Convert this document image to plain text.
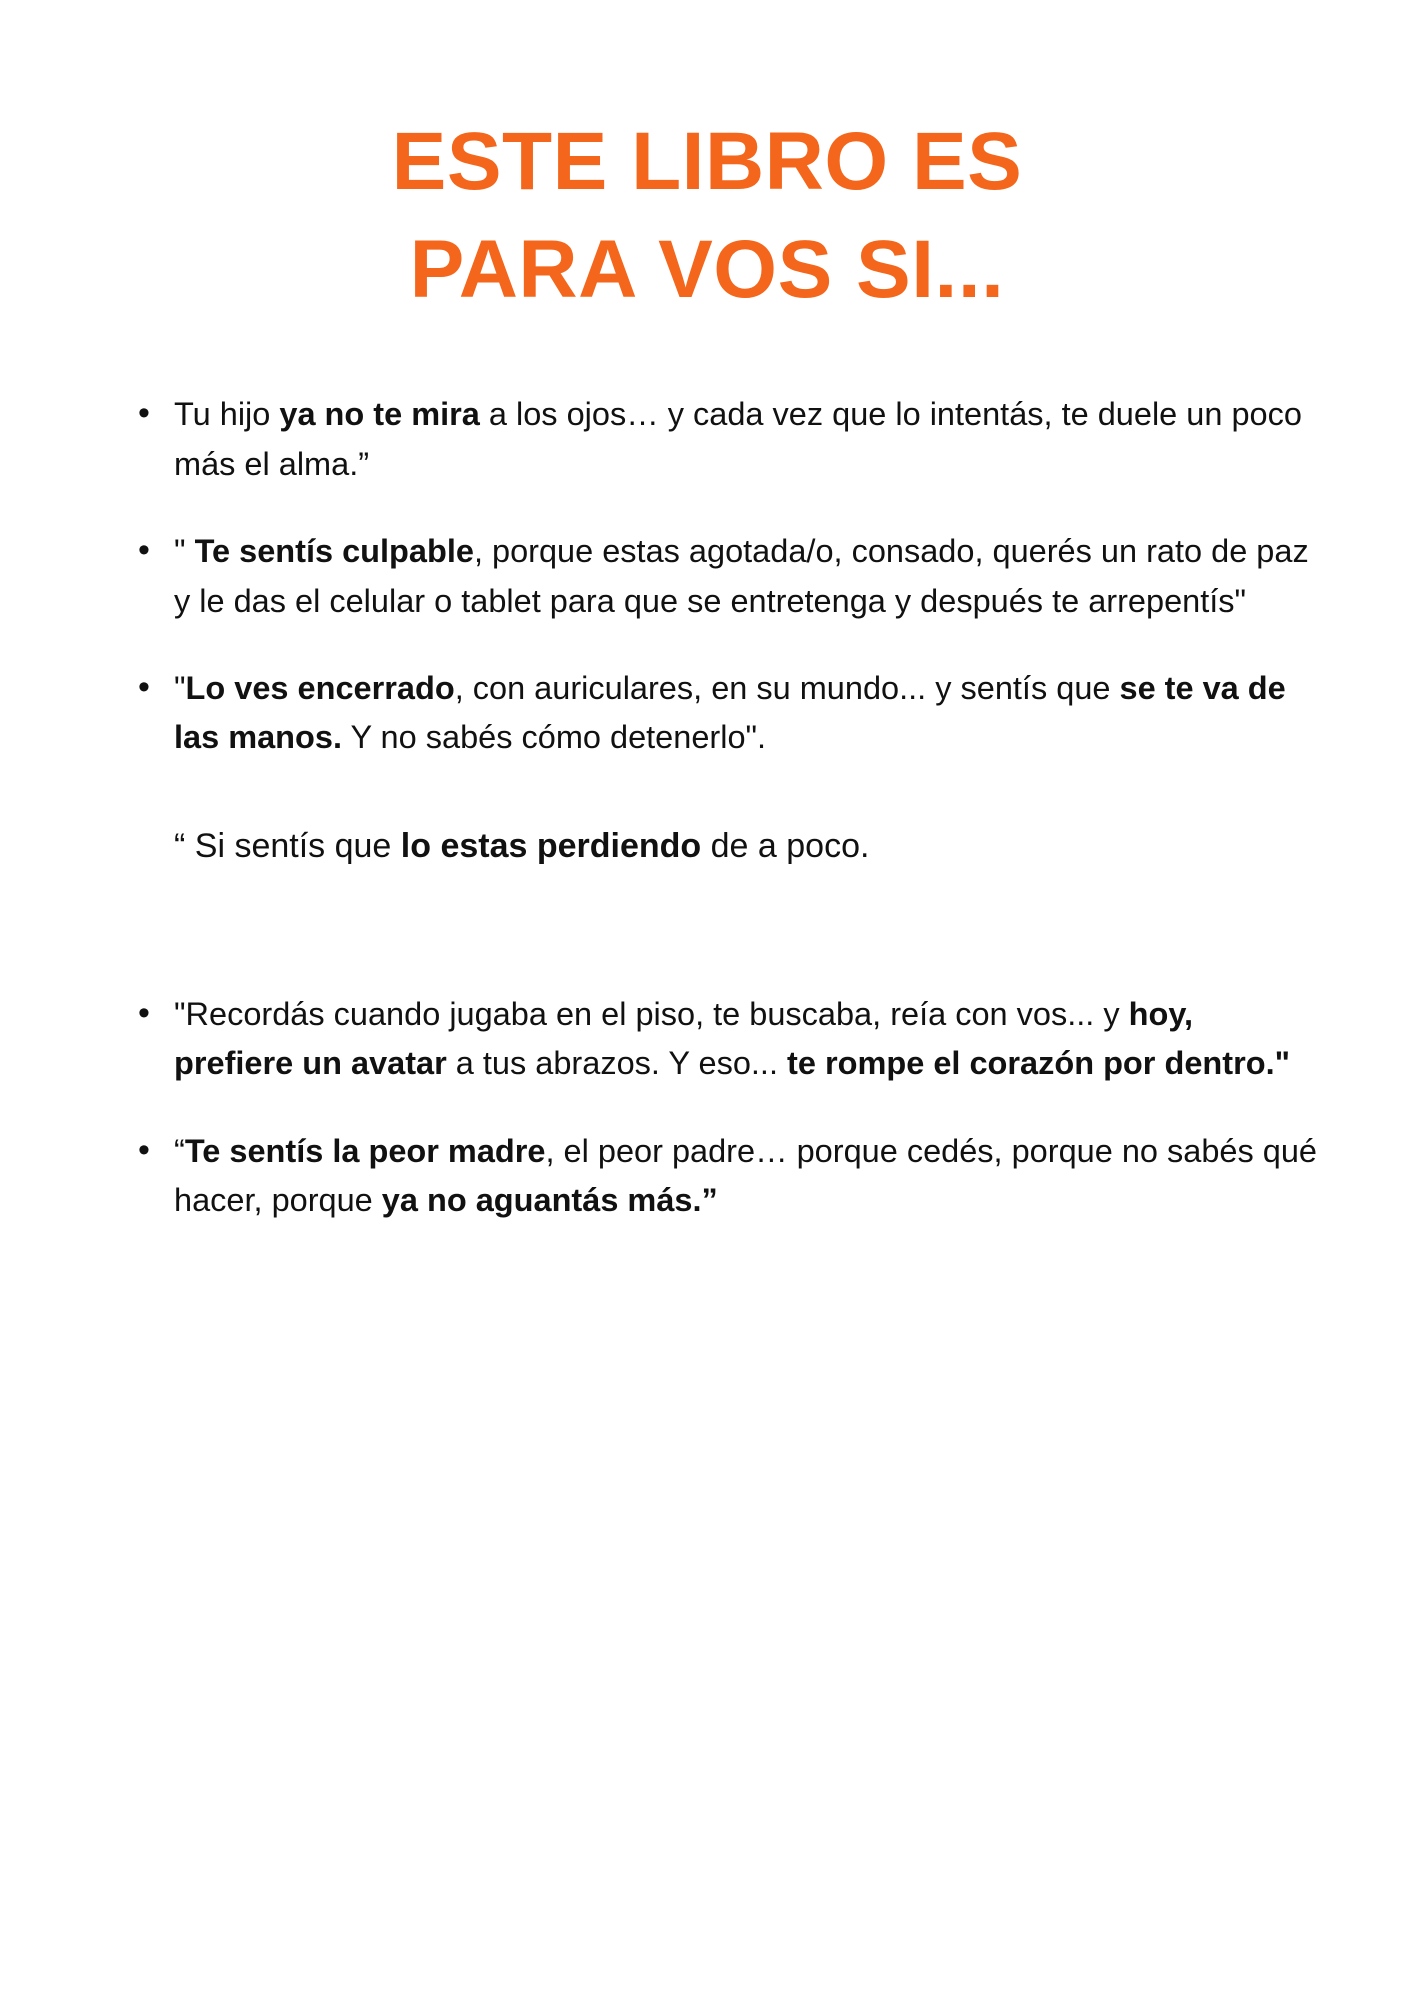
ESTE LIBRO ES
PARA VOS SI...
• Tu hijo ya no te mira a los ojos… y cada vez que lo intentás, te duele un poco más el alma.”
• " Te sentís culpable, porque estas agotada/o, consado, querés un rato de paz y le das el celular o tablet para que se entretenga y después te arrepentís"
• "Lo ves encerrado, con auriculares, en su mundo... y sentís que se te va de las manos. Y no sabés cómo detenerlo".

“ Si sentís que lo estas perdiendo de a poco.

• "Recordás cuando jugaba en el piso, te buscaba, reía con vos... y hoy, prefiere un avatar a tus abrazos. Y eso... te rompe el corazón por dentro."
• “Te sentís la peor madre, el peor padre… porque cedés, porque no sabés qué hacer, porque ya no aguantás más.”
